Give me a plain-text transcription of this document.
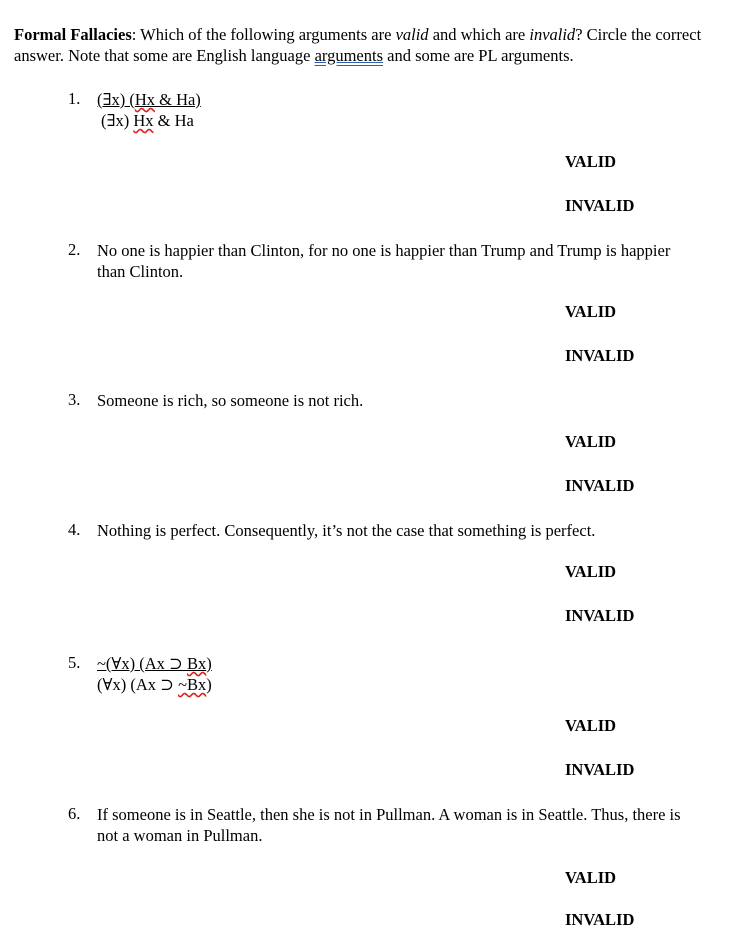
Formal Fallacies: Which of the following arguments are valid and which are invalid? Circle the correct answer. Note that some are English language arguments and some are PL arguments.
1. (∃x) (Hx & Ha)
(∃x) Hx & Ha
VALID
INVALID
2. No one is happier than Clinton, for no one is happier than Trump and Trump is happier than Clinton.
VALID
INVALID
3. Someone is rich, so someone is not rich.
VALID
INVALID
4. Nothing is perfect. Consequently, it’s not the case that something is perfect.
VALID
INVALID
5. ~(∀x) (Ax ⊃ Bx)
(∀x) (Ax ⊃ ~Bx)
VALID
INVALID
6. If someone is in Seattle, then she is not in Pullman. A woman is in Seattle. Thus, there is not a woman in Pullman.
VALID
INVALID
